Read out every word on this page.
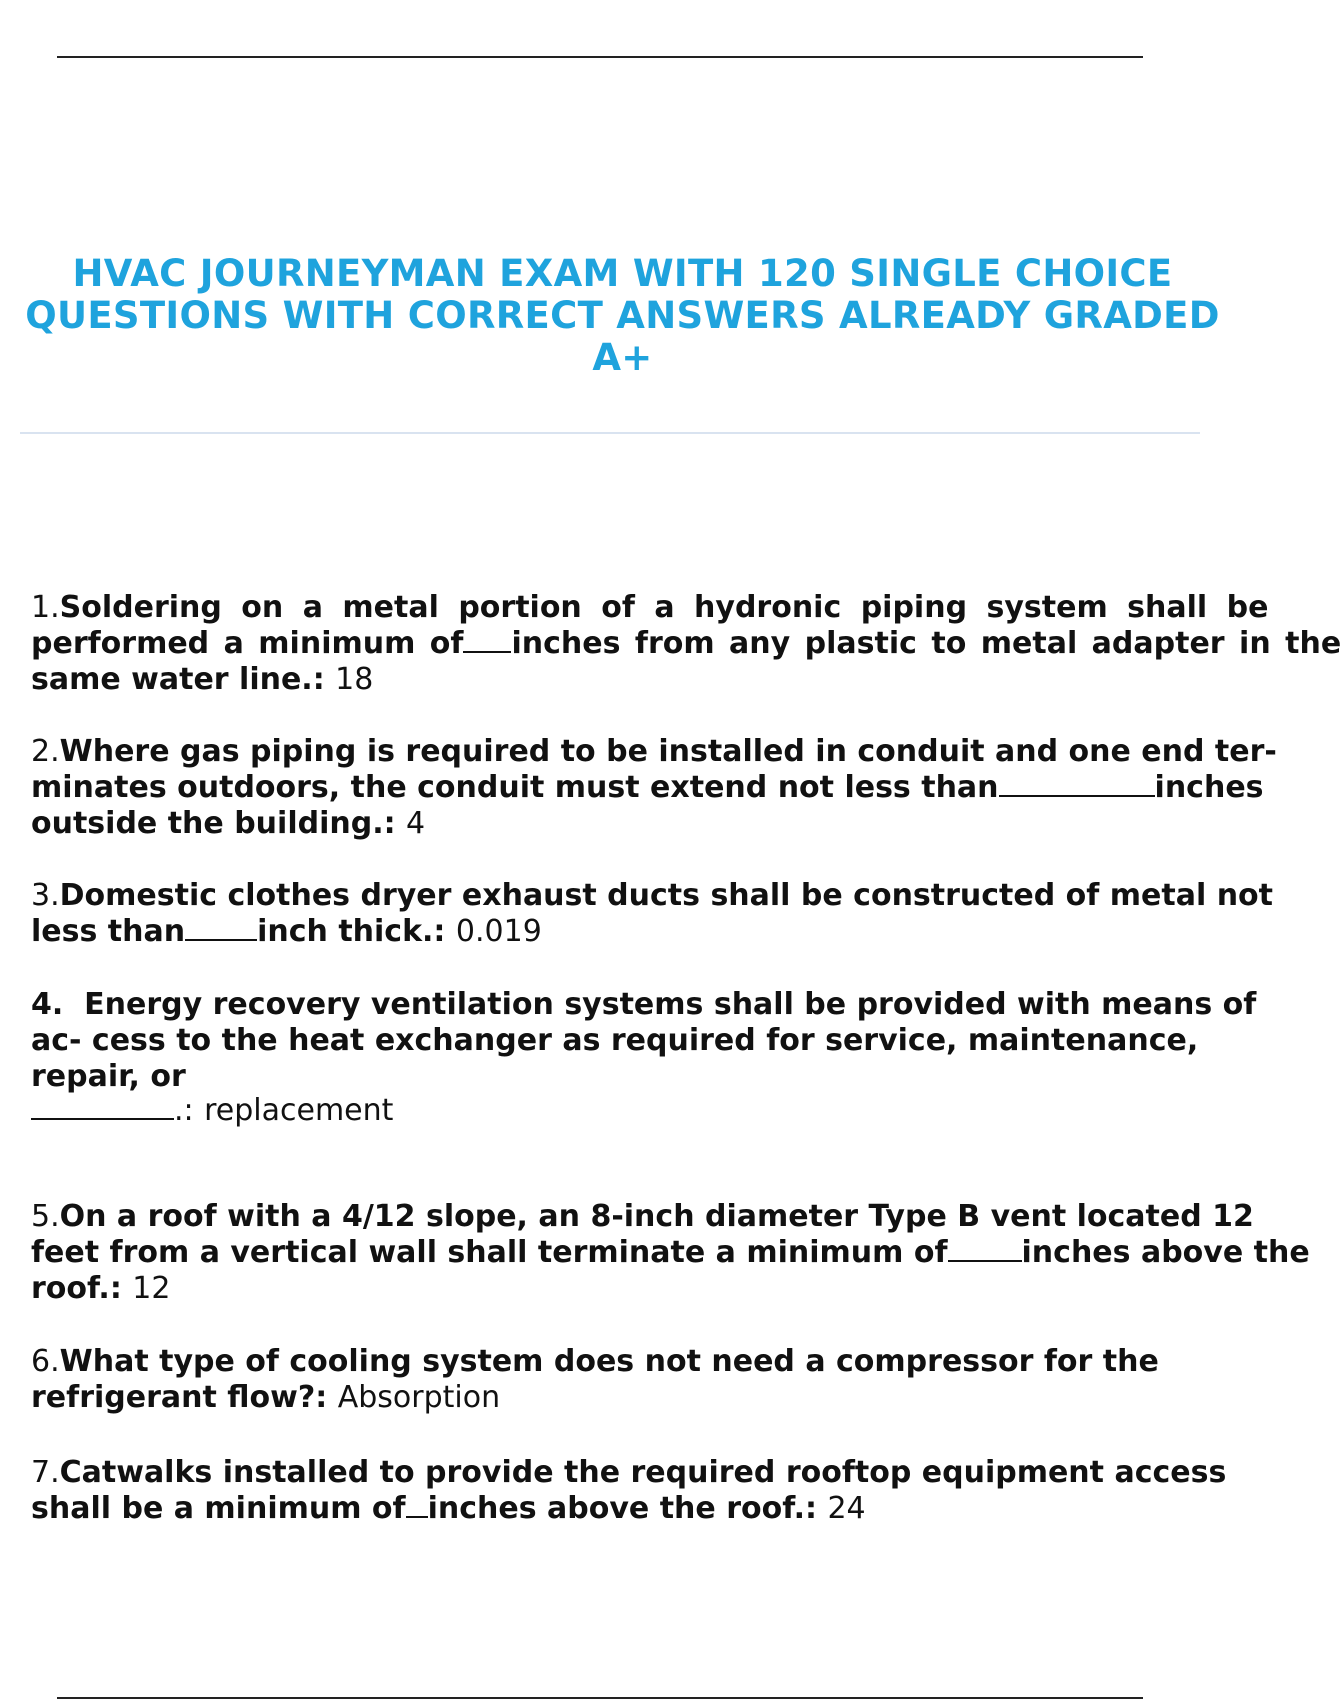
HVAC JOURNEYMAN EXAM WITH 120 SINGLE CHOICE
QUESTIONS WITH CORRECT ANSWERS ALREADY GRADED
A+
1.Soldering on a metal portion of a hydronic piping system shall be
performed a minimum of inches from any plastic to metal adapter in the
same water line.: 18
2.Where gas piping is required to be installed in conduit and one end ter-
minates outdoors, the conduit must extend not less than	inches
outside the building.: 4
3.Domestic clothes dryer exhaust ducts shall be constructed of metal not
less than inch thick.: 0.019
4. Energy recovery ventilation systems shall be provided with means of
ac- cess to the heat exchanger as required for service, maintenance,
repair, or
.: replacement
5.On a roof with a 4/12 slope, an 8-inch diameter Type B vent located 12
feet from a vertical wall shall terminate a minimum of inches above the
roof.: 12
6.What type of cooling system does not need a compressor for the
refrigerant flow?: Absorption
7.Catwalks installed to provide the required rooftop equipment access
shall be a minimum of inches above the roof.: 24
